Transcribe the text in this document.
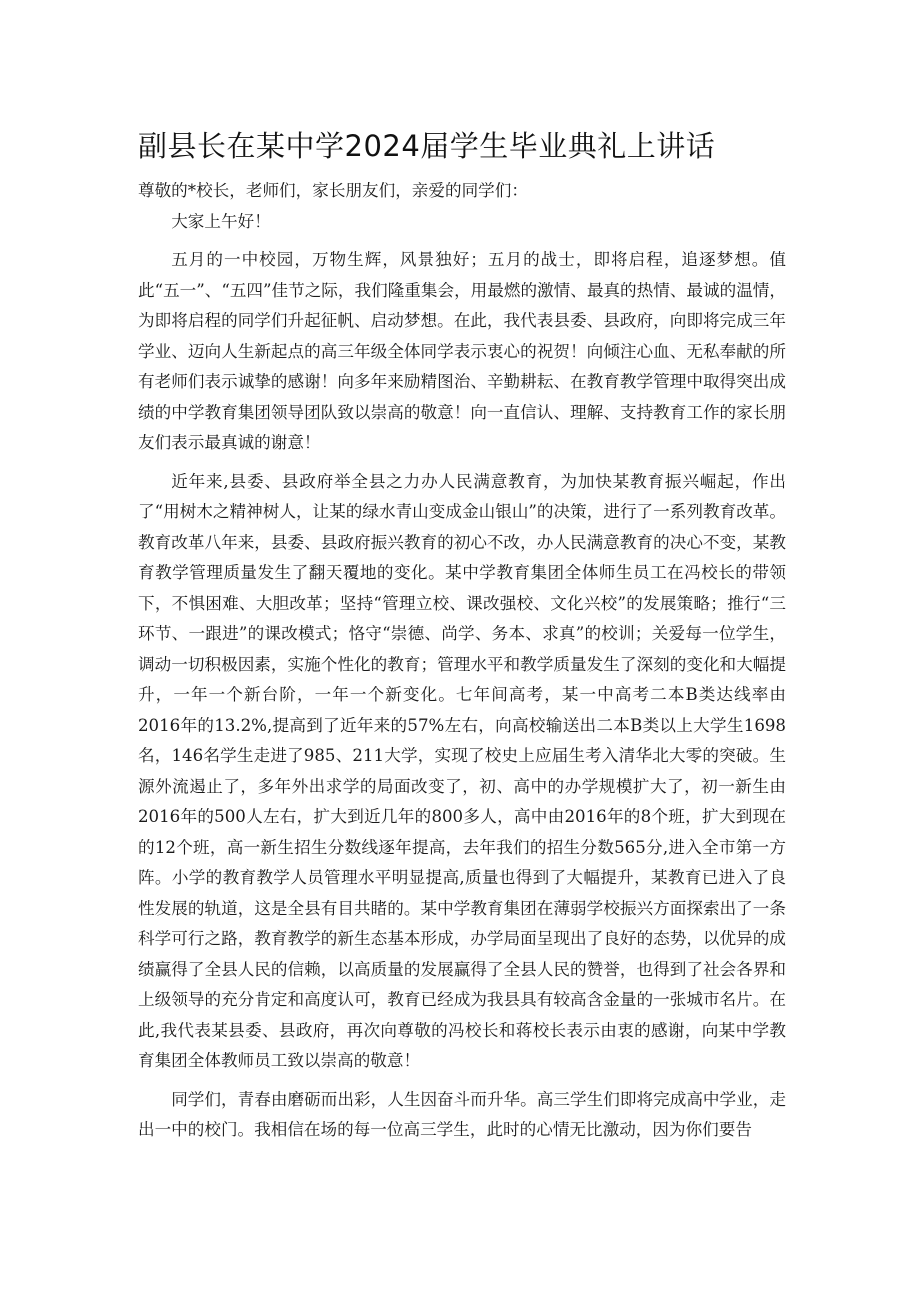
副县长在某中学2024届学生毕业典礼上讲话

尊敬的*校长，老师们，家长朋友们，亲爱的同学们：

大家上午好！

五月的一中校园，万物生辉，风景独好；五月的战士，即将启程，追逐梦想。值此“五一”、“五四”佳节之际，我们隆重集会，用最燃的激情、最真的热情、最诚的温情，为即将启程的同学们升起征帆、启动梦想。在此，我代表县委、县政府，向即将完成三年学业、迈向人生新起点的高三年级全体同学表示衷心的祝贺！向倾注心血、无私奉献的所有老师们表示诚挚的感谢！向多年来励精图治、辛勤耕耘、在教育教学管理中取得突出成绩的中学教育集团领导团队致以崇高的敬意！向一直信认、理解、支持教育工作的家长朋友们表示最真诚的谢意！

近年来,县委、县政府举全县之力办人民满意教育，为加快某教育振兴崛起，作出了“用树木之精神树人，让某的绿水青山变成金山银山”的决策，进行了一系列教育改革。教育改革八年来，县委、县政府振兴教育的初心不改，办人民满意教育的决心不变，某教育教学管理质量发生了翻天覆地的变化。某中学教育集团全体师生员工在冯校长的带领下，不惧困难、大胆改革；坚持“管理立校、课改强校、文化兴校”的发展策略；推行“三环节、一跟进”的课改模式；恪守“崇德、尚学、务本、求真”的校训；关爱每一位学生，调动一切积极因素，实施个性化的教育；管理水平和教学质量发生了深刻的变化和大幅提升，一年一个新台阶，一年一个新变化。七年间高考，某一中高考二本B类达线率由2016年的13.2%,提高到了近年来的57%左右，向高校输送出二本B类以上大学生1698名，146名学生走进了985、211大学，实现了校史上应届生考入清华北大零的突破。生源外流遏止了，多年外出求学的局面改变了，初、高中的办学规模扩大了，初一新生由2016年的500人左右，扩大到近几年的800多人，高中由2016年的8个班，扩大到现在的12个班，高一新生招生分数线逐年提高，去年我们的招生分数565分,进入全市第一方阵。小学的教育教学人员管理水平明显提高,质量也得到了大幅提升，某教育已进入了良性发展的轨道，这是全县有目共睹的。某中学教育集团在薄弱学校振兴方面探索出了一条科学可行之路，教育教学的新生态基本形成，办学局面呈现出了良好的态势，以优异的成绩赢得了全县人民的信赖，以高质量的发展赢得了全县人民的赞誉，也得到了社会各界和上级领导的充分肯定和高度认可，教育已经成为我县具有较高含金量的一张城市名片。在此,我代表某县委、县政府，再次向尊敬的冯校长和蒋校长表示由衷的感谢，向某中学教育集团全体教师员工致以崇高的敬意！

同学们，青春由磨砺而出彩，人生因奋斗而升华。高三学生们即将完成高中学业，走出一中的校门。我相信在场的每一位高三学生，此时的心情无比激动，因为你们要告
